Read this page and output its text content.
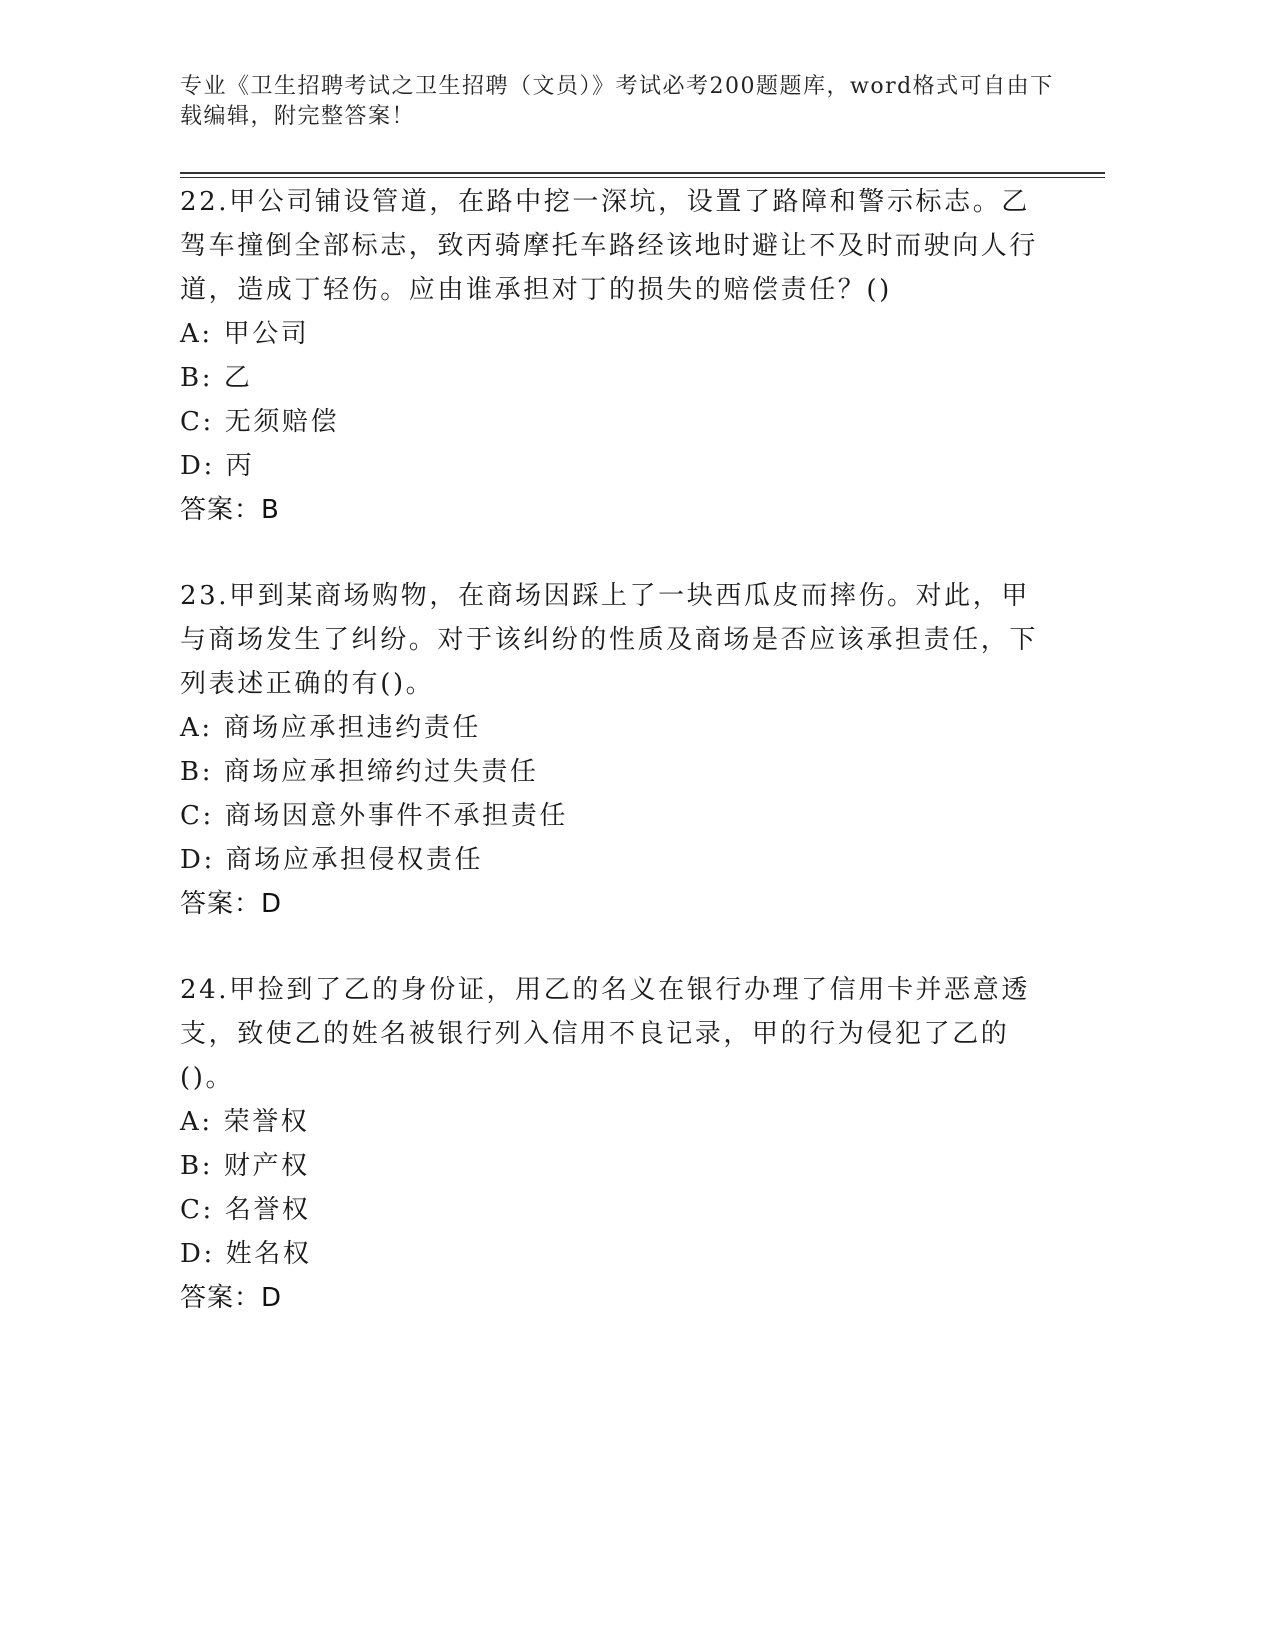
专业《卫生招聘考试之卫生招聘（文员）》考试必考200题题库，word格式可自由下载编辑，附完整答案！

22.甲公司铺设管道，在路中挖一深坑，设置了路障和警示标志。乙驾车撞倒全部标志，致丙骑摩托车路经该地时避让不及时而驶向人行道，造成丁轻伤。应由谁承担对丁的损失的赔偿责任？()

A: 甲公司

B: 乙

C: 无须赔偿

D: 丙

答案：B

23.甲到某商场购物，在商场因踩上了一块西瓜皮而摔伤。对此，甲与商场发生了纠纷。对于该纠纷的性质及商场是否应该承担责任，下列表述正确的有()。

A: 商场应承担违约责任

B: 商场应承担缔约过失责任

C: 商场因意外事件不承担责任

D: 商场应承担侵权责任

答案：D

24.甲捡到了乙的身份证，用乙的名义在银行办理了信用卡并恶意透支，致使乙的姓名被银行列入信用不良记录，甲的行为侵犯了乙的()。

A: 荣誉权

B: 财产权

C: 名誉权

D: 姓名权

答案：D
